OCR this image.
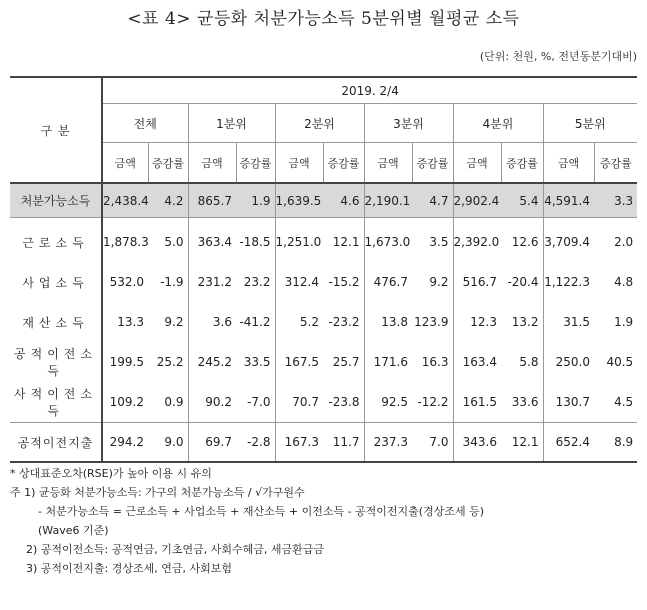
<표 4> 균등화 처분가능소득 5분위별 월평균 소득
(단위: 천원, %, 전년동분기대비)
구 분	2019. 2/4											
	전체		1분위		2분위		3분위		4분위		5분위	
	금액	증감률	금액	증감률	금액	증감률	금액	증감률	금액	증감률	금액	증감률
처분가능소득	2,438.4	4.2	865.7	1.9	1,639.5	4.6	2,190.1	4.7	2,902.4	5.4	4,591.4	3.3

근로소득	1,878.3	5.0	363.4	-18.5	1,251.0	12.1	1,673.0	3.5	2,392.0	12.6	3,709.4	2.0
사업소득	532.0	-1.9	231.2	23.2	312.4	-15.2	476.7	9.2	516.7	-20.4	1,122.3	4.8
재산소득	13.3	9.2	3.6	-41.2	5.2	-23.2	13.8	123.9	12.3	13.2	31.5	1.9
공적이전소득	199.5	25.2	245.2	33.5	167.5	25.7	171.6	16.3	163.4	5.8	250.0	40.5
사적이전소득	109.2	0.9	90.2	-7.0	70.7	-23.8	92.5	-12.2	161.5	33.6	130.7	4.5
공적이전지출	294.2	9.0	69.7	-2.8	167.3	11.7	237.3	7.0	343.6	12.1	652.4	8.9
* 상대표준오차(RSE)가 높아 이용 시 유의
주 1) 균등화 처분가능소득: 가구의 처분가능소득 / √가구원수
- 처분가능소득 = 근로소득 + 사업소득 + 재산소득 + 이전소득 - 공적이전지출(경상조세 등)
(Wave6 기준)
2) 공적이전소득: 공적연금, 기초연금, 사회수혜금, 세금환급금
3) 공적이전지출: 경상조세, 연금, 사회보험
